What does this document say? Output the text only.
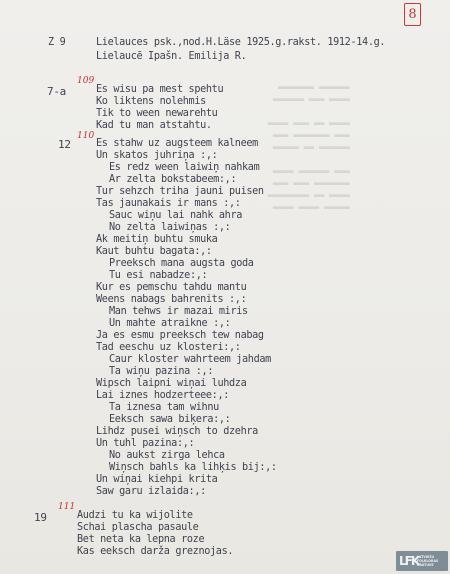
▬▬▬▬▬▬ ▬▬▬▬▬▬▬
▬▬▬▬ ▬▬▬ ▬▬▬▬▬▬

▬▬▬▬ ▬▬ ▬▬▬ ▬▬▬▬
▬▬▬ ▬▬▬▬▬▬▬ ▬▬▬
▬▬▬▬▬▬ ▬▬ ▬▬▬▬▬

▬▬▬ ▬▬▬▬▬▬ ▬▬▬▬
▬▬▬▬▬▬▬ ▬▬▬ ▬▬▬
▬▬▬▬ ▬▬ ▬▬▬▬▬▬▬▬
▬▬▬▬▬ ▬▬▬▬ ▬▬▬▬
8
Z 9	Lielauces psk.,nod.H.Läse 1925.g.rakst. 1912-14.g.
Lielaucē Ipašn. Emilija R.
7-a
109
Es wisu pa mest spehtu
Ko liktens nolehmis
Tik to ween newarehtu
Kad tu man atstahtu.
12
110
Es stahw uz augsteem kalneem
Un skatos juhriņa :,:
Es redz ween laiwiņ nahkam
Ar zelta bokstabeem:,:
Tur sehzch triha jauni puisen
Tas jaunakais ir mans :,:
Sauc wiņu lai nahk ahra
No zelta laiwiņas :,:
Ak meitiņ buhtu smuka
Kaut buhtu bagata:,:
Preeksch mana augsta goda
Tu esi nabadze:,:
Kur es pemschu tahdu mantu
Weens nabags bahrenits :,:
Man tehws ir mazai miris
Un mahte atraikne :,:
Ja es esmu preeksch tew nabag
Tad eeschu uz klosteri:,:
Caur kloster wahrteem jahdam
Ta wiņu pazina :,:
Wipsch laipni wiņai luhdza
Lai iznes hodzerteee:,:
Ta iznesa tam wihnu
Eeksch sawa biķera:,:
Lihdz pusei wiņsch to dzehra
Un tuhl pazina:,:
No aukst zirga lehca
Wiņsch bahls ka lihķis bij:,:
Un wiņai kiehpi krita
Saw garu izlaida:,:
19
111
Audzi tu ka wijolite
Schai plascha pasaule
Bet neta ka lepna roze
Kas eeksch darža greznojas.
LFK
LATVIEŠU
FOLKLORAS
KRĀTUVE
